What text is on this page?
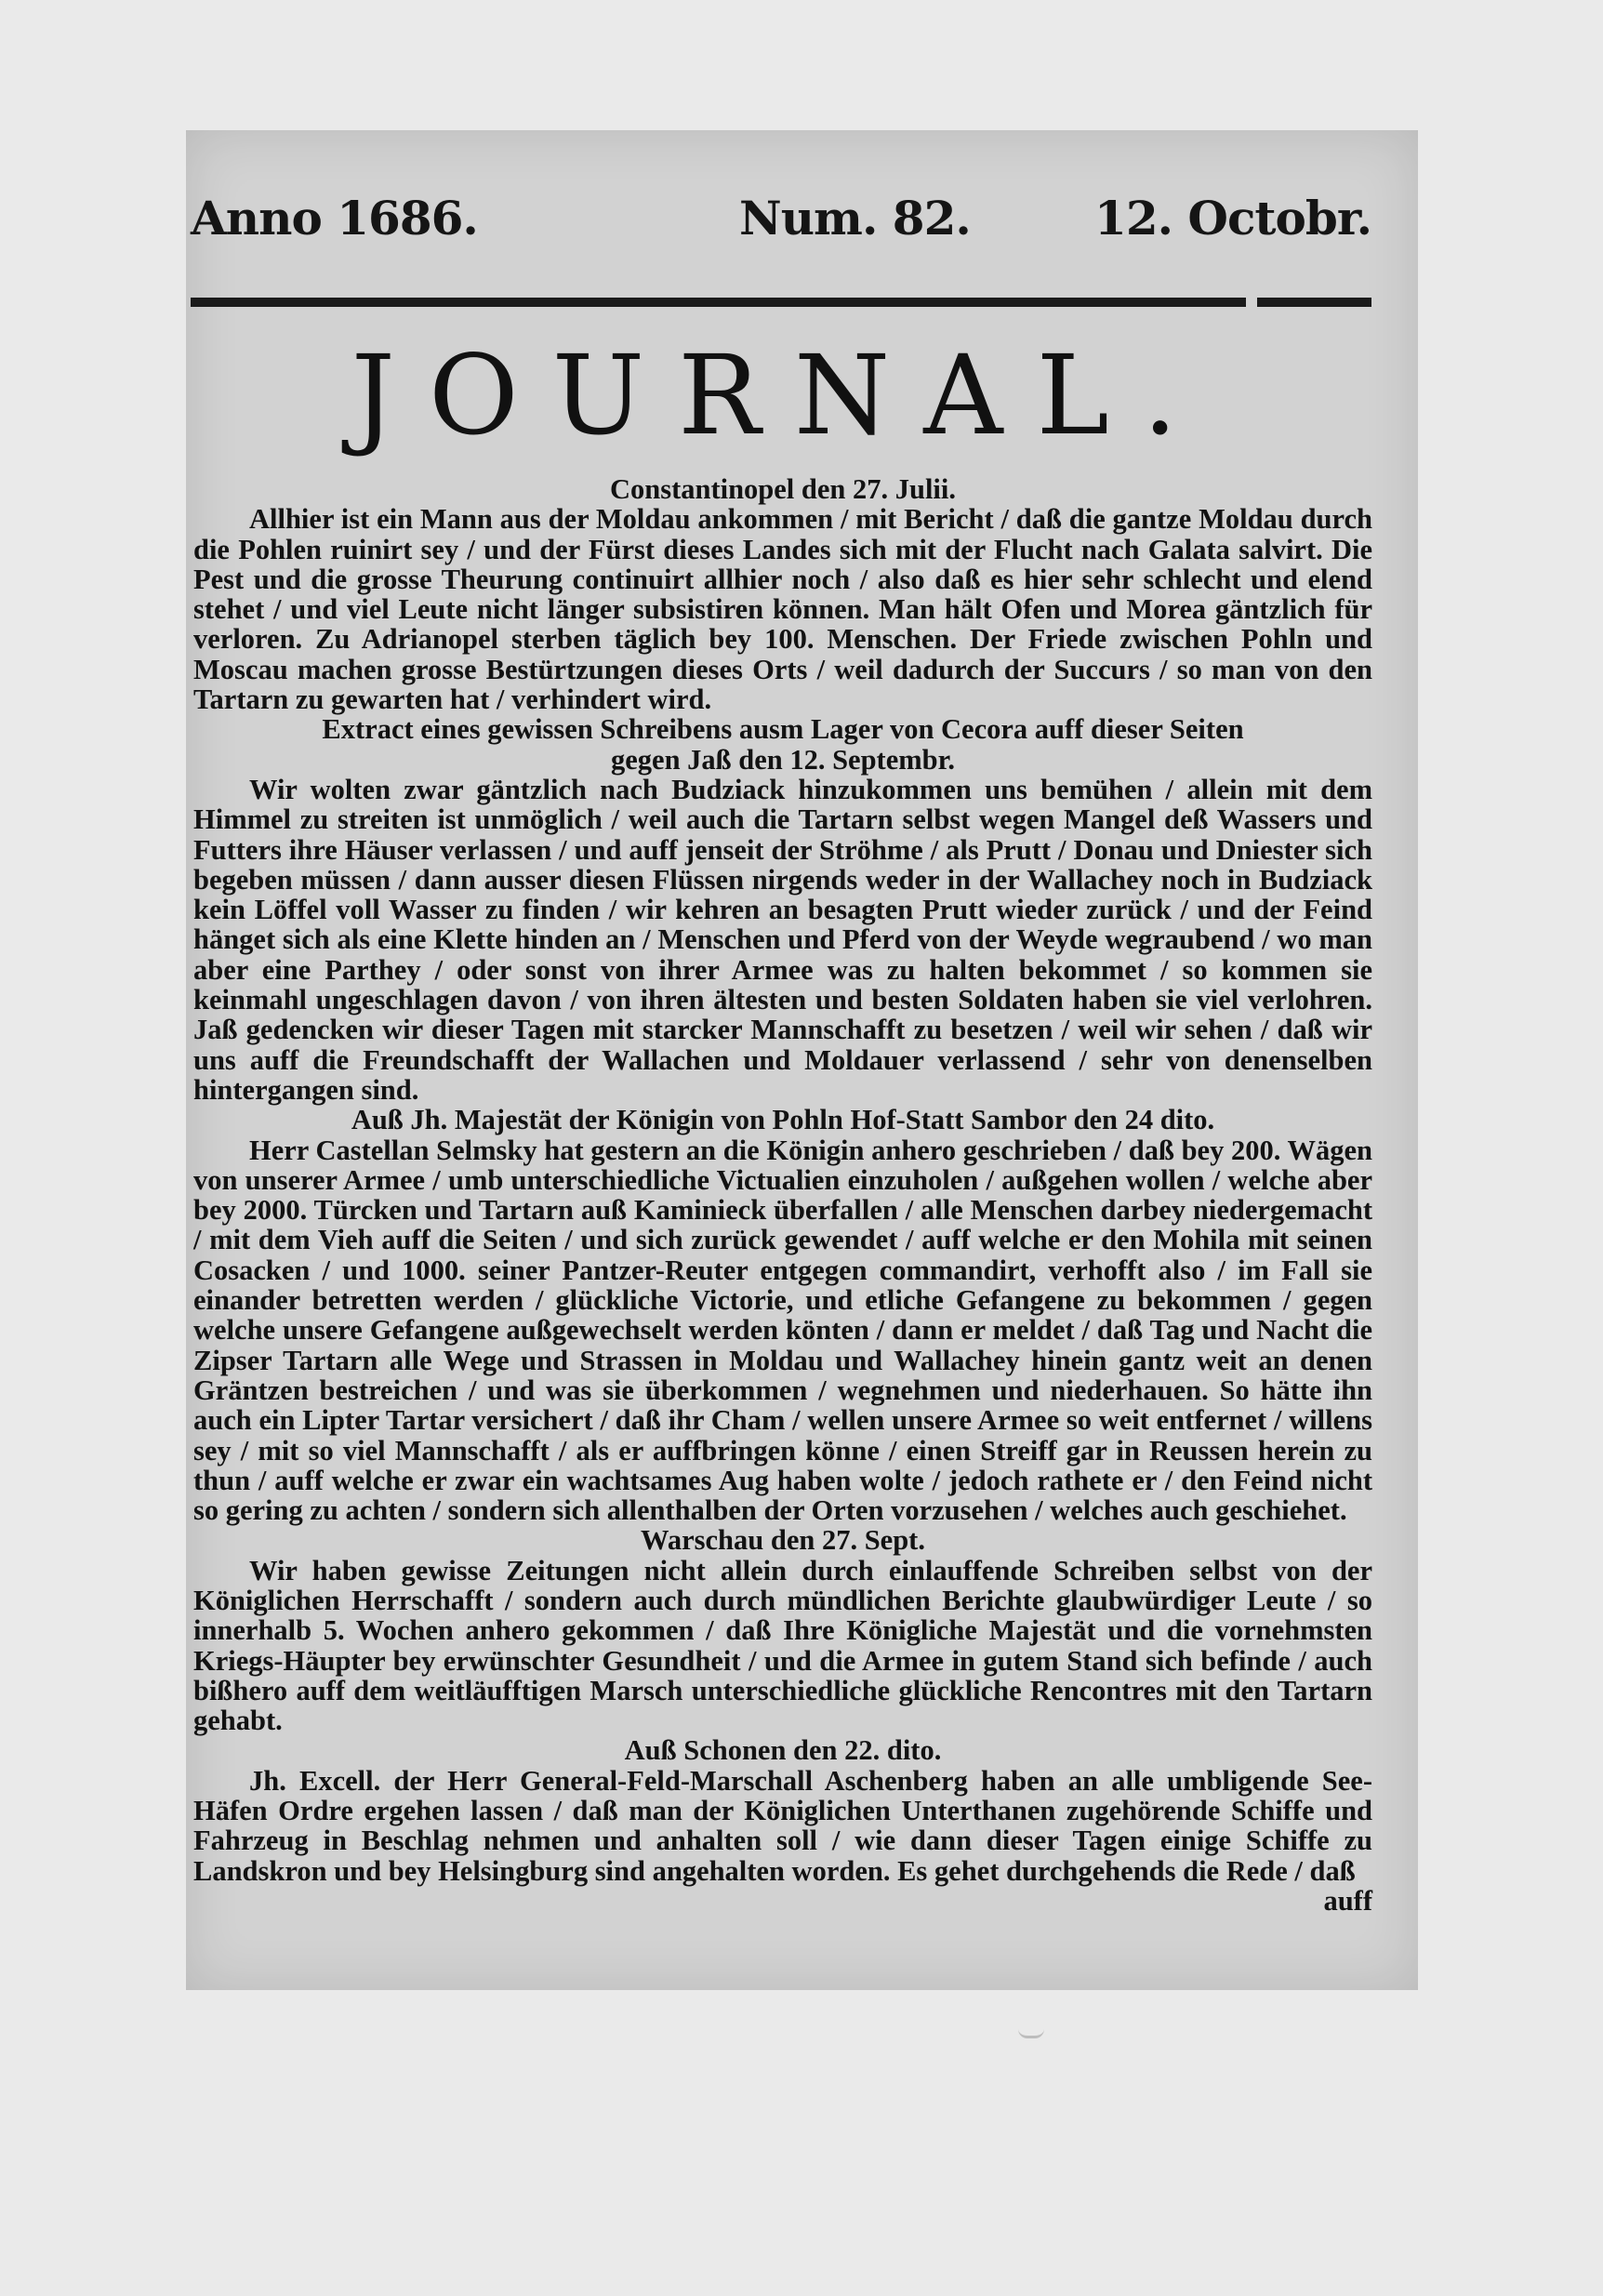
Anno 1686.	Num. 82.	12. Octobr.
JOURNAL.

Constantinopel den 27. Julii.

Allhier ist ein Mann aus der Moldau ankommen / mit Bericht / daß die gantze Moldau durch die Pohlen ruinirt sey / und der Fürst dieses Landes sich mit der Flucht nach Galata salvirt. Die Pest und die grosse Theurung continuirt allhier noch / also daß es hier sehr schlecht und elend stehet / und viel Leute nicht länger subsistiren können. Man hält Ofen und Morea gäntzlich für verloren. Zu Adrianopel sterben täglich bey 100. Menschen. Der Friede zwischen Pohln und Moscau machen grosse Bestürtzungen dieses Orts / weil dadurch der Succurs / so man von den Tartarn zu gewarten hat / verhindert wird.

Extract eines gewissen Schreibens ausm Lager von Cecora auff dieser Seiten

gegen Jaß den 12. Septembr.

Wir wolten zwar gäntzlich nach Budziack hinzukommen uns bemühen / allein mit dem Himmel zu streiten ist unmöglich / weil auch die Tartarn selbst wegen Mangel deß Wassers und Futters ihre Häuser verlassen / und auff jenseit der Ströhme / als Prutt / Donau und Dniester sich begeben müssen / dann ausser diesen Flüssen nirgends weder in der Wallachey noch in Budziack kein Löffel voll Wasser zu finden / wir kehren an besagten Prutt wieder zurück / und der Feind hänget sich als eine Klette hinden an / Menschen und Pferd von der Weyde wegraubend / wo man aber eine Parthey / oder sonst von ihrer Armee was zu halten bekommet / so kommen sie keinmahl ungeschlagen davon / von ihren ältesten und besten Soldaten haben sie viel verlohren. Jaß gedencken wir dieser Tagen mit starcker Mannschafft zu besetzen / weil wir sehen / daß wir uns auff die Freundschafft der Wallachen und Moldauer verlassend / sehr von denenselben hintergangen sind.

Auß Jh. Majestät der Königin von Pohln Hof-Statt Sambor den 24 dito.

Herr Castellan Selmsky hat gestern an die Königin anhero geschrieben / daß bey 200. Wägen von unserer Armee / umb unterschiedliche Victualien einzuholen / außgehen wollen / welche aber bey 2000. Türcken und Tartarn auß Kaminieck überfallen / alle Menschen darbey niedergemacht / mit dem Vieh auff die Seiten / und sich zurück gewendet / auff welche er den Mohila mit seinen Cosacken / und 1000. seiner Pantzer-Reuter entgegen commandirt, verhofft also / im Fall sie einander betretten werden / glückliche Victorie, und etliche Gefangene zu bekommen / gegen welche unsere Gefangene außgewechselt werden könten / dann er meldet / daß Tag und Nacht die Zipser Tartarn alle Wege und Strassen in Moldau und Wallachey hinein gantz weit an denen Gräntzen bestreichen / und was sie überkommen / wegnehmen und niederhauen. So hätte ihn auch ein Lipter Tartar versichert / daß ihr Cham / wellen unsere Armee so weit entfernet / willens sey / mit so viel Mannschafft / als er auffbringen könne / einen Streiff gar in Reussen herein zu thun / auff welche er zwar ein wachtsames Aug haben wolte / jedoch rathete er / den Feind nicht so gering zu achten / sondern sich allenthalben der Orten vorzusehen / welches auch geschiehet.

Warschau den 27. Sept.

Wir haben gewisse Zeitungen nicht allein durch einlauffende Schreiben selbst von der Königlichen Herrschafft / sondern auch durch mündlichen Berichte glaubwürdiger Leute / so innerhalb 5. Wochen anhero gekommen / daß Ihre Königliche Majestät und die vornehmsten Kriegs-Häupter bey erwünschter Gesundheit / und die Armee in gutem Stand sich befinde / auch bißhero auff dem weitläufftigen Marsch unterschiedliche glückliche Rencontres mit den Tartarn gehabt.

Auß Schonen den 22. dito.

Jh. Excell. der Herr General-Feld-Marschall Aschenberg haben an alle umbligende See-Häfen Ordre ergehen lassen / daß man der Königlichen Unterthanen zugehörende Schiffe und Fahrzeug in Beschlag nehmen und anhalten soll / wie dann dieser Tagen einige Schiffe zu Landskron und bey Helsingburg sind angehalten worden. Es gehet durchgehends die Rede / daß

auff
